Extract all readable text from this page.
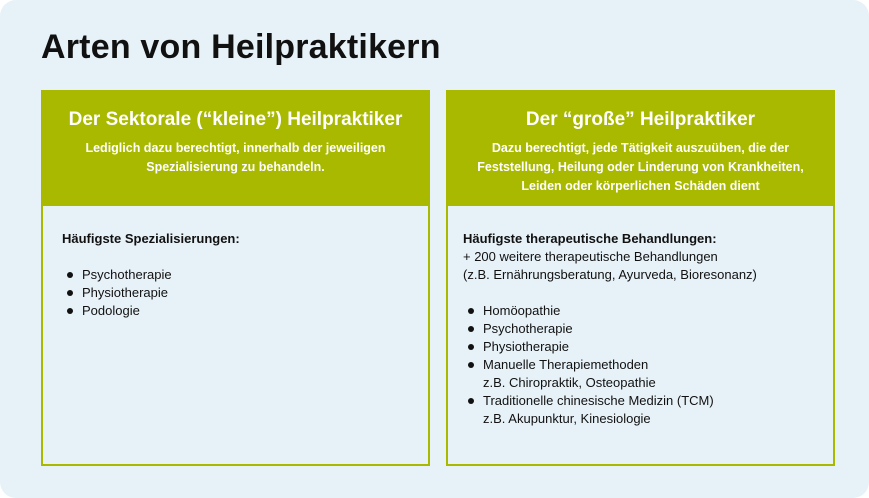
Arten von Heilpraktikern

Der Sektorale (“kleine”) Heilpraktiker

Lediglich dazu berechtigt, innerhalb der jeweiligen Spezialisierung zu behandeln.

Häufigste Spezialisierungen:

Psychotherapie
Physiotherapie
Podologie

Der “große” Heilpraktiker

Dazu berechtigt, jede Tätigkeit auszuüben, die der Feststellung, Heilung oder Linderung von Krankheiten, Leiden oder körperlichen Schäden dient

Häufigste therapeutische Behandlungen:

+ 200 weitere therapeutische Behandlungen

(z.B. Ernährungsberatung, Ayurveda, Bioresonanz)

Homöopathie
Psychotherapie
Physiotherapie
Manuelle Therapiemethoden
z.B. Chiropraktik, Osteopathie
Traditionelle chinesische Medizin (TCM)
z.B. Akupunktur, Kinesiologie
